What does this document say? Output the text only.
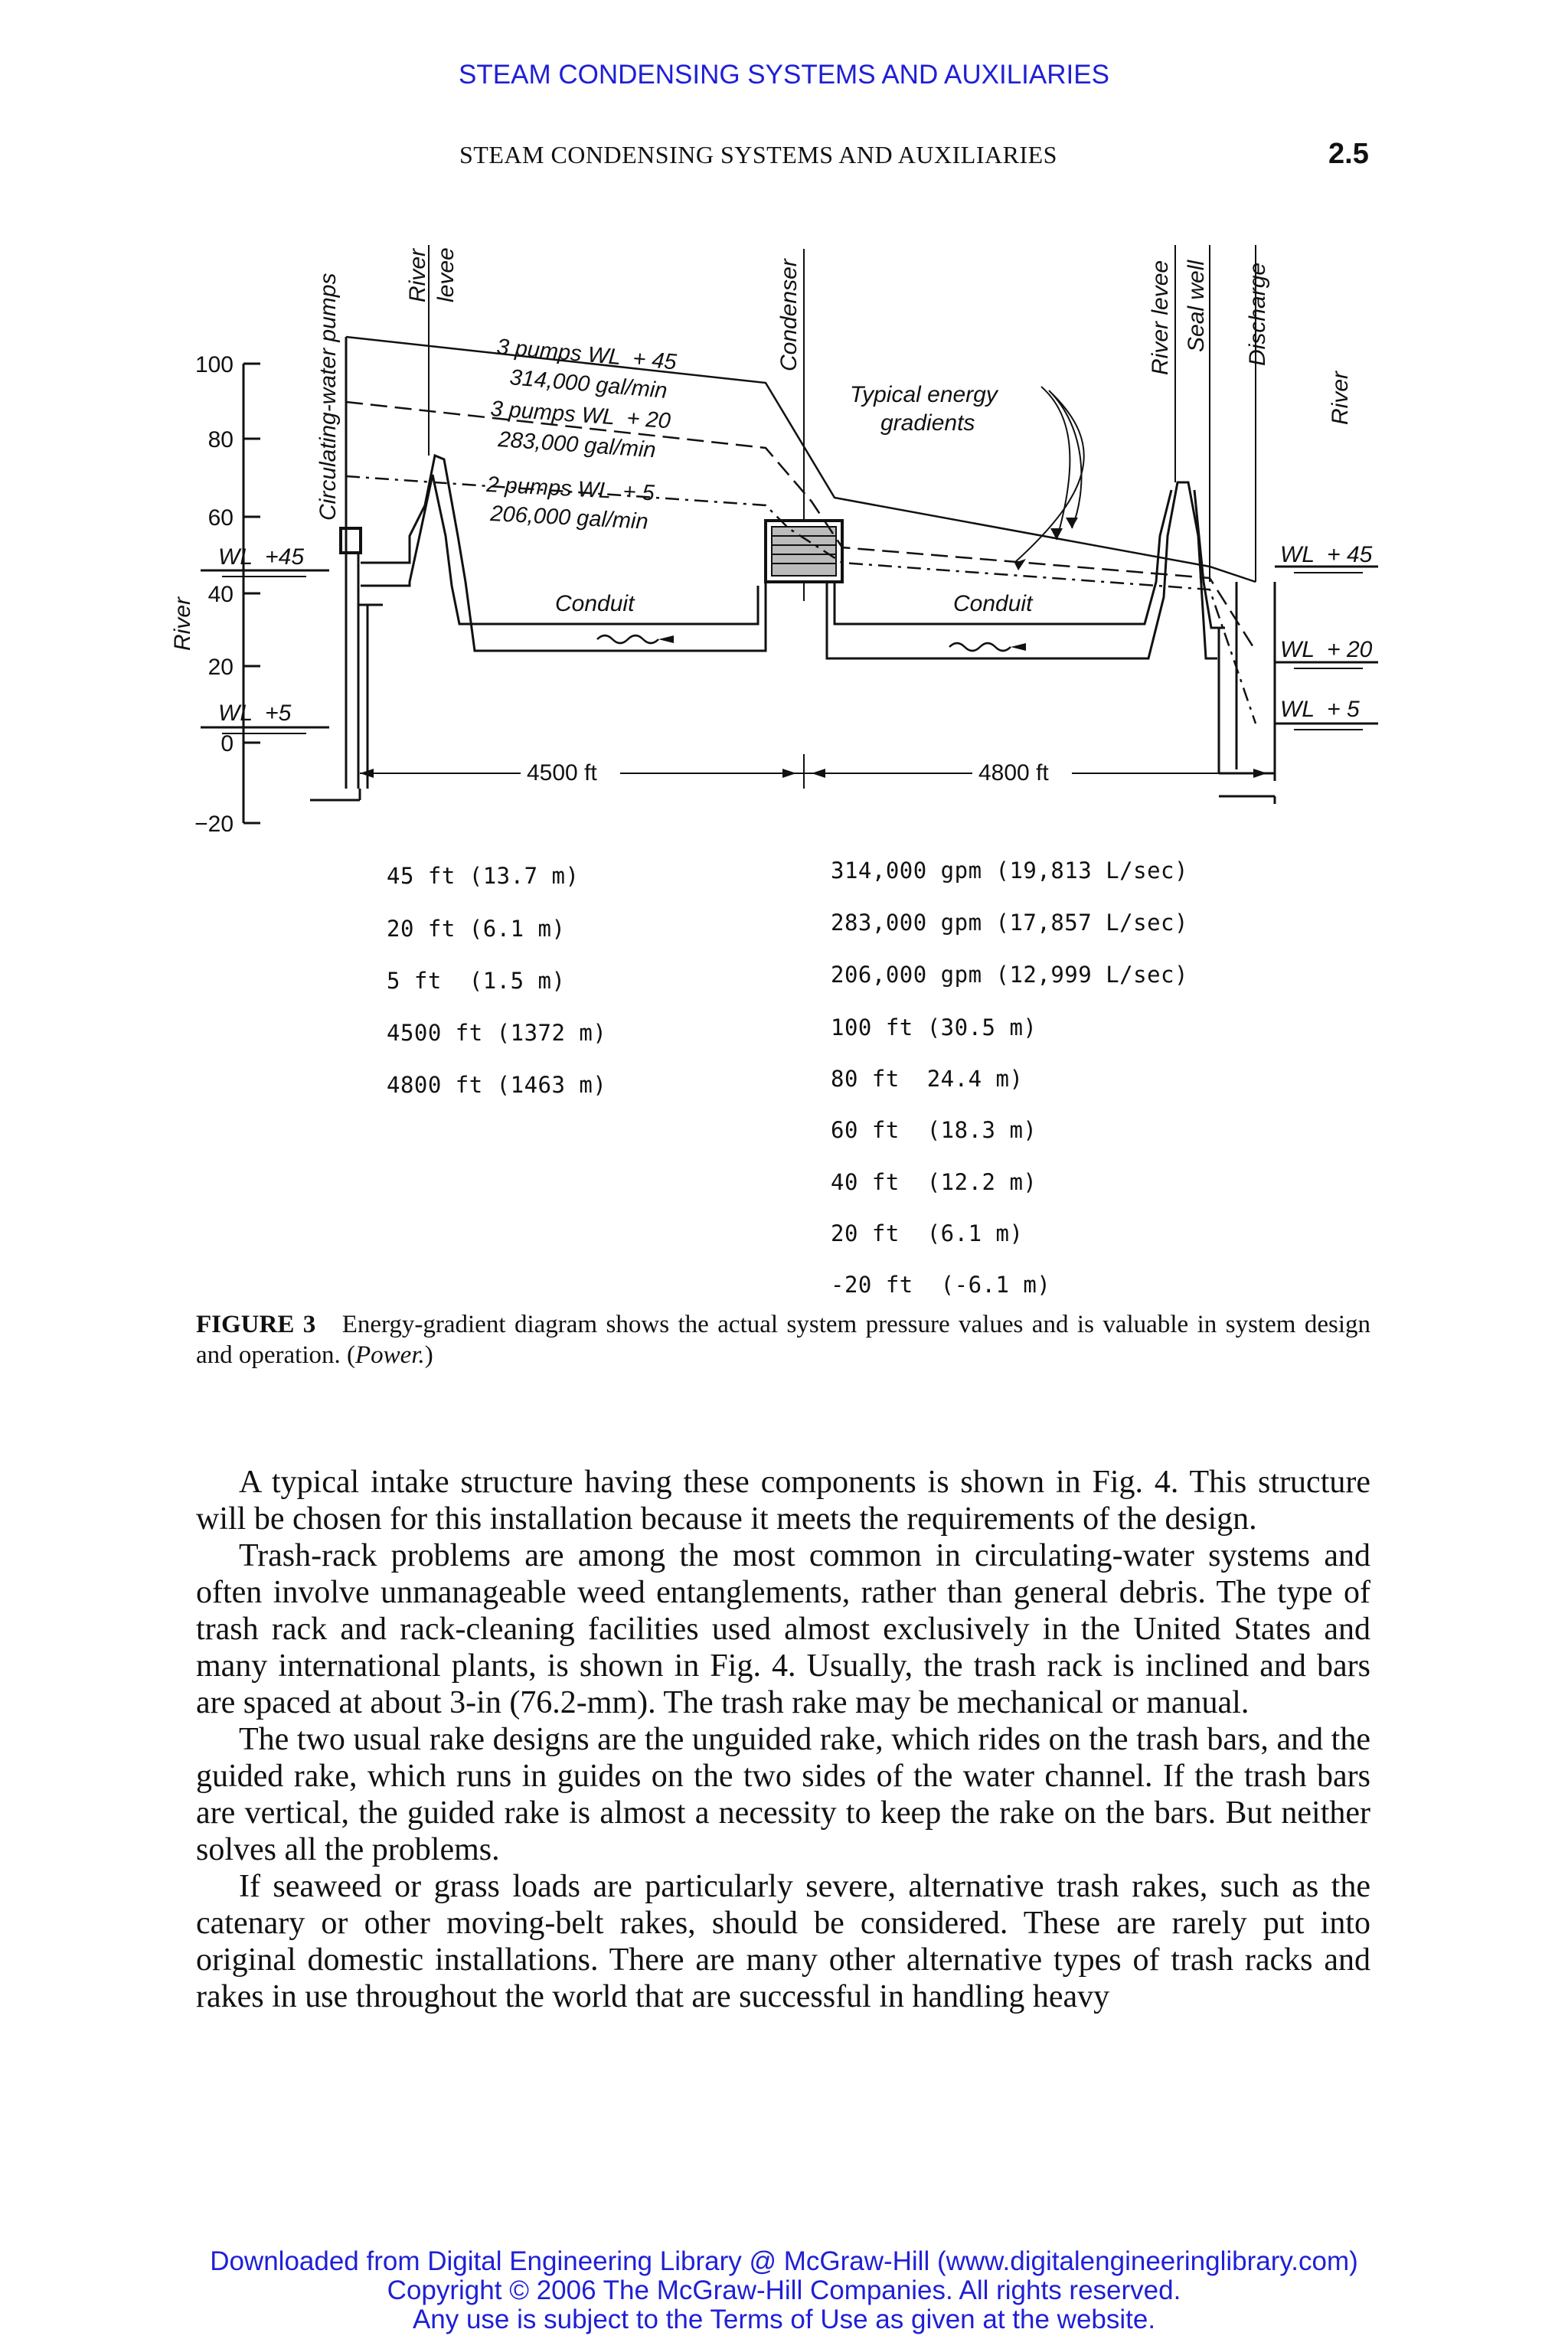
STEAM CONDENSING SYSTEMS AND AUXILIARIES
STEAM CONDENSING SYSTEMS AND AUXILIARIES	2.5
100
80
60
40
20
0
−20
WL  +45
WL  +5
WL  + 45
WL  + 20
WL  + 5
River
River
Circulating-water pumps	River levee	Condenser	River levee Seal well Discharge
3 pumps WL  + 45
314,000 gal/min
3 pumps WL  + 20
283,000 gal/min
2 pumps WL  + 5
206,000 gal/min
Typical energy
gradients
Conduit	Conduit
4500 ft	4800 ft
45 ft (13.7 m)
20 ft (6.1 m)
5 ft  (1.5 m)
4500 ft (1372 m)
4800 ft (1463 m)
314,000 gpm (19,813 L/sec)
283,000 gpm (17,857 L/sec)
206,000 gpm (12,999 L/sec)
100 ft (30.5 m)
80 ft  24.4 m)
60 ft  (18.3 m)
40 ft  (12.2 m)
20 ft  (6.1 m)
-20 ft  (-6.1 m)
FIGURE 3 Energy-gradient diagram shows the actual system pressure values and is valuable in system design and operation. (Power.)

A typical intake structure having these components is shown in Fig. 4. This structure will be chosen for this installation because it meets the requirements of the design.

Trash-rack problems are among the most common in circulating-water systems and often involve unmanageable weed entanglements, rather than general debris. The type of trash rack and rack-cleaning facilities used almost exclusively in the United States and many international plants, is shown in Fig. 4. Usually, the trash rack is inclined and bars are spaced at about 3-in (76.2-mm). The trash rake may be mechanical or manual.

The two usual rake designs are the unguided rake, which rides on the trash bars, and the guided rake, which runs in guides on the two sides of the water channel. If the trash bars are vertical, the guided rake is almost a necessity to keep the rake on the bars. But neither solves all the problems.

If seaweed or grass loads are particularly severe, alternative trash rakes, such as the catenary or other moving-belt rakes, should be considered. These are rarely put into original domestic installations. There are many other alternative types of trash racks and rakes in use throughout the world that are successful in handling heavy

Downloaded from Digital Engineering Library @ McGraw-Hill (www.digitalengineeringlibrary.com)
Copyright © 2006 The McGraw-Hill Companies. All rights reserved.
Any use is subject to the Terms of Use as given at the website.
